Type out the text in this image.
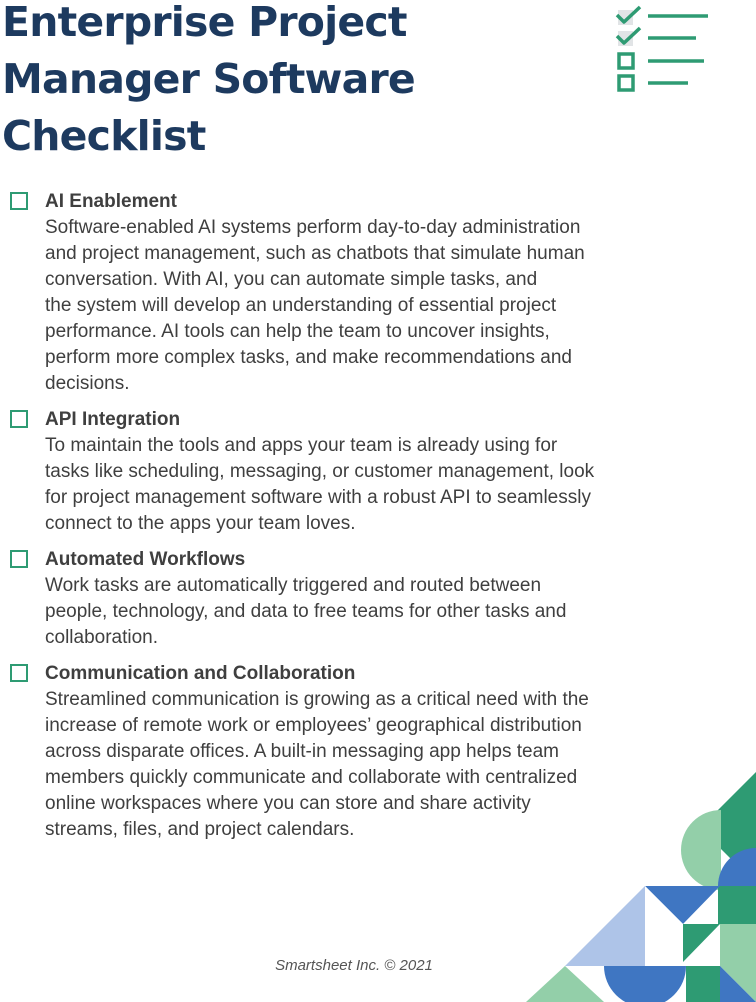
Enterprise Project
Manager Software
Checklist
AI Enablement
Software-enabled AI systems perform day-to-day administration
and project management, such as chatbots that simulate human
conversation. With AI, you can automate simple tasks, and
the system will develop an understanding of essential project
performance. AI tools can help the team to uncover insights,
perform more complex tasks, and make recommendations and
decisions.
API Integration
To maintain the tools and apps your team is already using for
tasks like scheduling, messaging, or customer management, look
for project management software with a robust API to seamlessly
connect to the apps your team loves.
Automated Workflows
Work tasks are automatically triggered and routed between
people, technology, and data to free teams for other tasks and
collaboration.
Communication and Collaboration
Streamlined communication is growing as a critical need with the
increase of remote work or employees’ geographical distribution
across disparate offices. A built-in messaging app helps team
members quickly communicate and collaborate with centralized
online workspaces where you can store and share activity
streams, files, and project calendars.
Smartsheet Inc. © 2021
